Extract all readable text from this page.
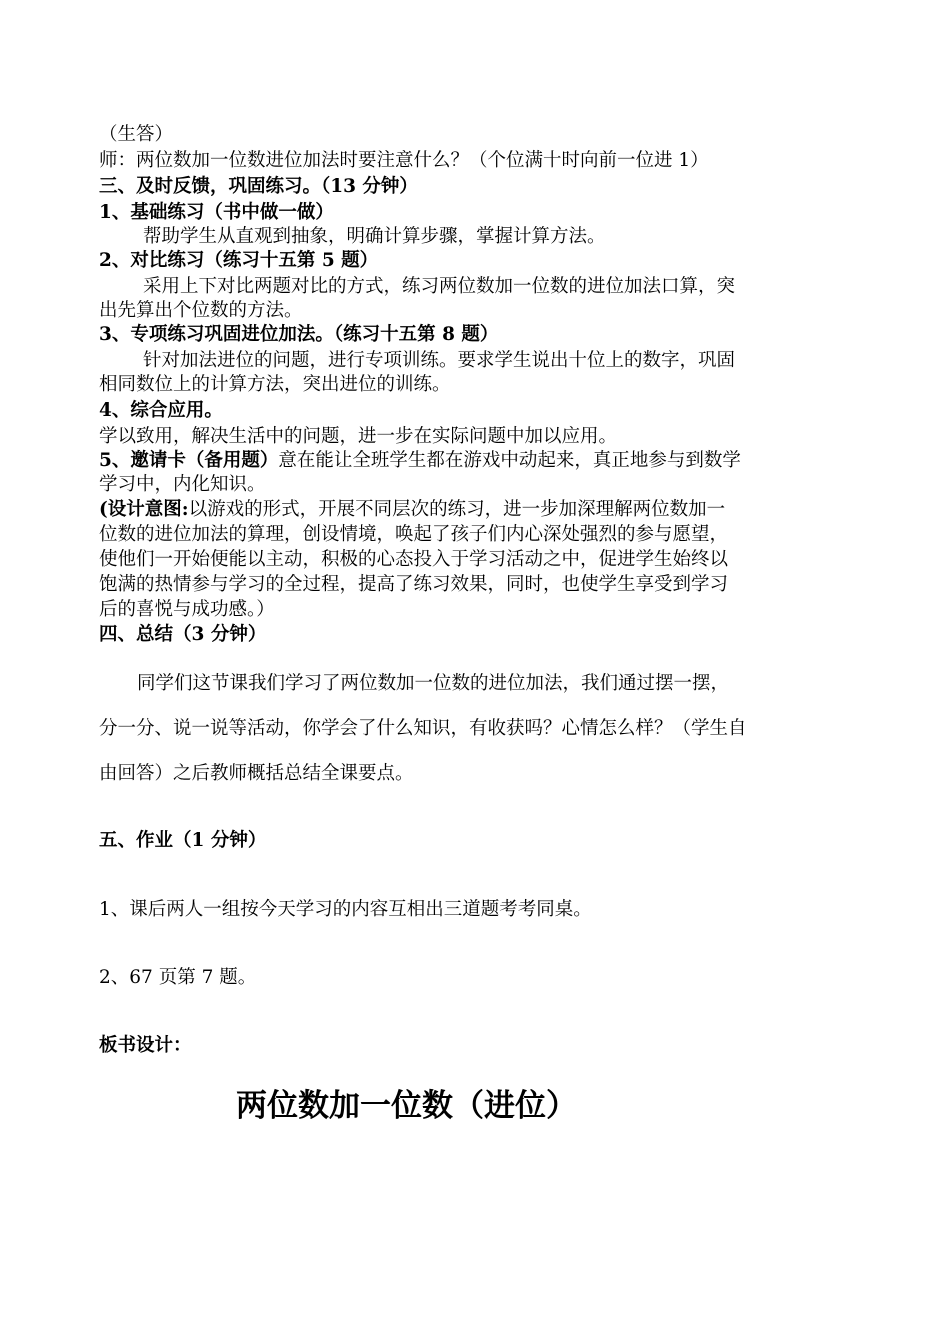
（生答）
师：两位数加一位数进位加法时要注意什么？（个位满十时向前一位进 1）
三、及时反馈，巩固练习。（13 分钟）
1、基础练习（书中做一做）
帮助学生从直观到抽象，明确计算步骤，掌握计算方法。
2、对比练习（练习十五第 5 题）
采用上下对比两题对比的方式，练习两位数加一位数的进位加法口算，突
出先算出个位数的方法。
3、专项练习巩固进位加法。（练习十五第 8 题）
针对加法进位的问题，进行专项训练。要求学生说出十位上的数字，巩固
相同数位上的计算方法，突出进位的训练。
4、综合应用。
学以致用，解决生活中的问题，进一步在实际问题中加以应用。
5、邀请卡（备用题）意在能让全班学生都在游戏中动起来，真正地参与到数学
学习中，内化知识。
(设计意图:以游戏的形式，开展不同层次的练习，进一步加深理解两位数加一
位数的进位加法的算理，创设情境，唤起了孩子们内心深处强烈的参与愿望，
使他们一开始便能以主动，积极的心态投入于学习活动之中，促进学生始终以
饱满的热情参与学习的全过程，提高了练习效果，同时，也使学生享受到学习
后的喜悦与成功感。）
四、总结（3 分钟）
同学们这节课我们学习了两位数加一位数的进位加法，我们通过摆一摆，
分一分、说一说等活动，你学会了什么知识，有收获吗？心情怎么样？（学生自
由回答）之后教师概括总结全课要点。
五、作业（1 分钟）
1、课后两人一组按今天学习的内容互相出三道题考考同桌。
2、67 页第 7 题。
板书设计：
两位数加一位数（进位）
